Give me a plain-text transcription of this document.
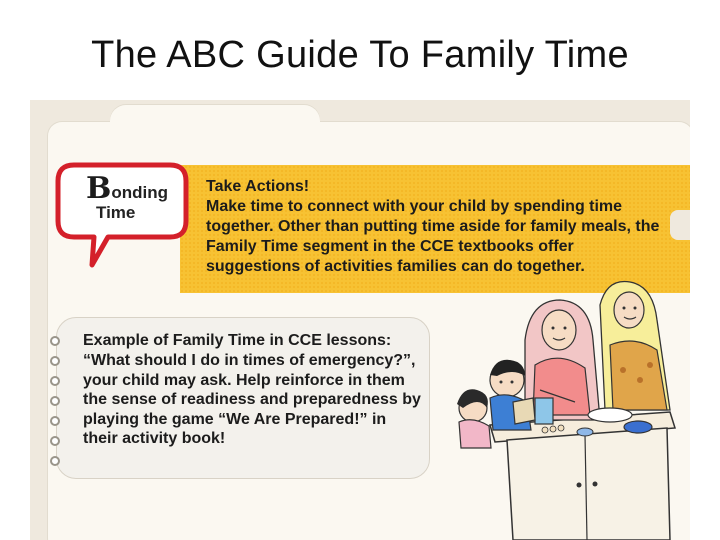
The ABC Guide To Family Time
Take Actions!
Make time to connect with your child by spending time together. Other than putting time aside for family meals, the Family Time segment in the CCE textbooks offer suggestions of activities families can do together.
Bonding
Time
Example of Family Time in CCE lessons:
“What should I do in times of emergency?”, your child may ask. Help reinforce in them the sense of readiness and preparedness by playing the game “We Are Prepared!” in their activity book!
